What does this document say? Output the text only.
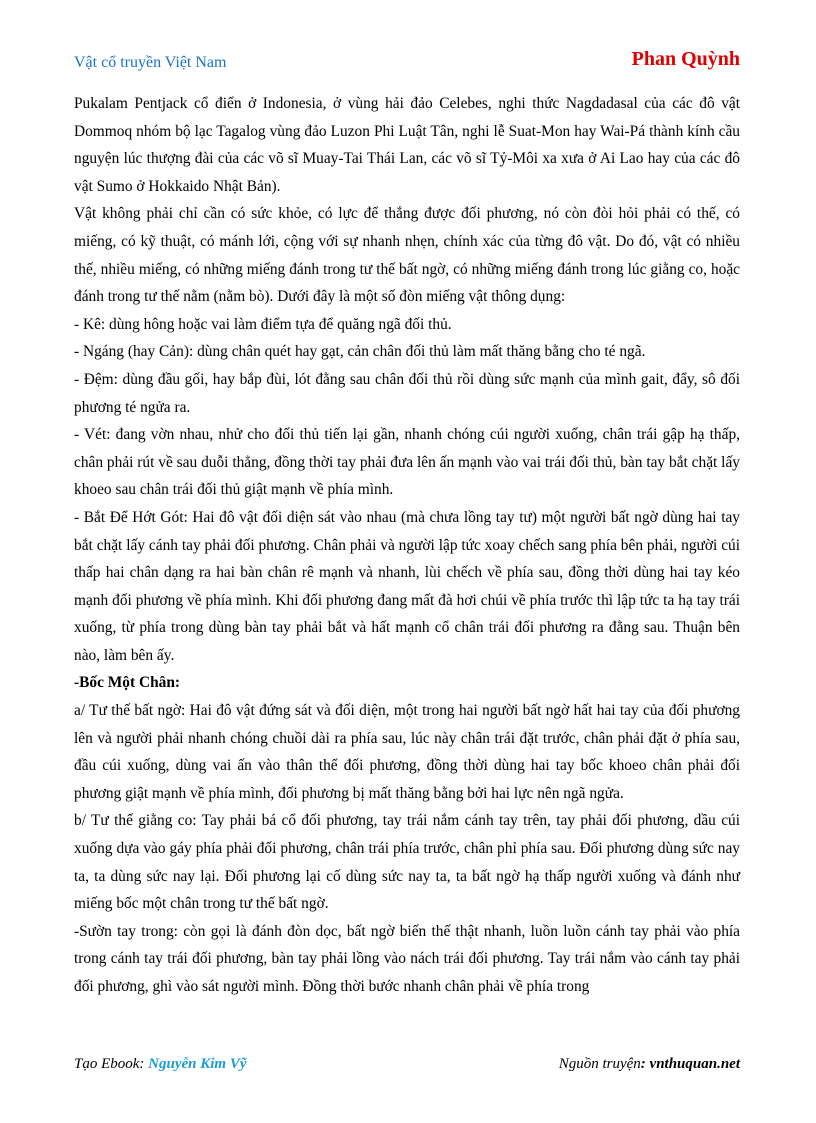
Vật cổ truyền Việt Nam	Phan Quỳnh

Pukalam Pentjack cổ điển ở Indonesia, ở vùng hải đảo Celebes, nghi thức Nagdadasal của các đô vật Dommoq nhóm bộ lạc Tagalog vùng đảo Luzon Phi Luật Tân, nghi lễ Suat-Mon hay Wai-Pá thành kính cầu nguyện lúc thượng đài của các võ sĩ Muay-Tai Thái Lan, các võ sĩ Tỷ-Môi xa xưa ở Ai Lao hay của các đô vật Sumo ở Hokkaido Nhật Bản).

Vật không phải chỉ cần có sức khỏe, có lực để thắng được đối phương, nó còn đòi hỏi phải có thế, có miếng, có kỹ thuật, có mánh lới, cộng với sự nhanh nhẹn, chính xác của từng đô vật. Do đó, vật có nhiều thế, nhiều miếng, có những miếng đánh trong tư thế bất ngờ, có những miếng đánh trong lúc giằng co, hoặc đánh trong tư thế nằm (nằm bò). Dưới đây là một số đòn miếng vật thông dụng:

- Kê: dùng hông hoặc vai làm điểm tựa để quăng ngã đối thủ.

- Ngáng (hay Cản): dùng chân quét hay gạt, cản chân đối thủ làm mất thăng bằng cho té ngã.

- Đệm: dùng đầu gối, hay bắp đùi, lót đằng sau chân đối thủ rồi dùng sức mạnh của mình gait, đẩy, sô đối phương té ngửa ra.

- Vét: đang vờn nhau, nhử cho đối thủ tiến lại gần, nhanh chóng cúi người xuống, chân trái gập hạ thấp, chân phải rút về sau duỗi thẳng, đồng thời tay phải đưa lên ấn mạnh vào vai trái đối thủ, bàn tay bắt chặt lấy khoeo sau chân trái đối thủ giật mạnh về phía mình.

- Bắt Để Hớt Gót: Hai đô vật đối diện sát vào nhau (mà chưa lồng tay tư) một người bất ngờ dùng hai tay bắt chặt lấy cánh tay phải đối phương. Chân phải và người lập tức xoay chếch sang phía bên phải, người cúi thấp hai chân dạng ra hai bàn chân rê mạnh và nhanh, lùi chếch về phía sau, đồng thời dùng hai tay kéo mạnh đối phương về phía mình. Khi đối phương đang mất đà hơi chúi về phía trước thì lập tức ta hạ tay trái xuống, từ phía trong dùng bàn tay phải bắt và hất mạnh cổ chân trái đối phương ra đằng sau. Thuận bên nào, làm bên ấy.

-Bốc Một Chân:

a/ Tư thế bất ngờ: Hai đô vật đứng sát và đối diện, một trong hai người bất ngờ hất hai tay của đối phương lên và người phải nhanh chóng chuồi dài ra phía sau, lúc này chân trái đặt trước, chân phải đặt ở phía sau, đầu cúi xuống, dùng vai ấn vào thân thể đối phương, đồng thời dùng hai tay bốc khoeo chân phải đối phương giật mạnh về phía mình, đối phương bị mất thăng bằng bởi hai lực nên ngã ngửa.

b/ Tư thế giằng co: Tay phải bá cổ đối phương, tay trái nắm cánh tay trên, tay phải đối phương, dầu cúi xuống dựa vào gáy phía phải đối phương, chân trái phía trước, chân phỉ phía sau. Đối phương dùng sức nay ta, ta dùng sức nay lại. Đối phương lại cố dùng sức nay ta, ta bất ngờ hạ thấp người xuống và đánh như miếng bốc một chân trong tư thế bất ngờ.

-Sườn tay trong: còn gọi là đánh đòn dọc, bất ngờ biến thế thật nhanh, luồn luồn cánh tay phải vào phía trong cánh tay trái đối phương, bàn tay phải lồng vào nách trái đối phương. Tay trái nắm vào cánh tay phải đối phương, ghì vào sát người mình. Đồng thời bước nhanh chân phải về phía trong

Tạo Ebook: Nguyễn Kim Vỹ	Nguồn truyện: vnthuquan.net
